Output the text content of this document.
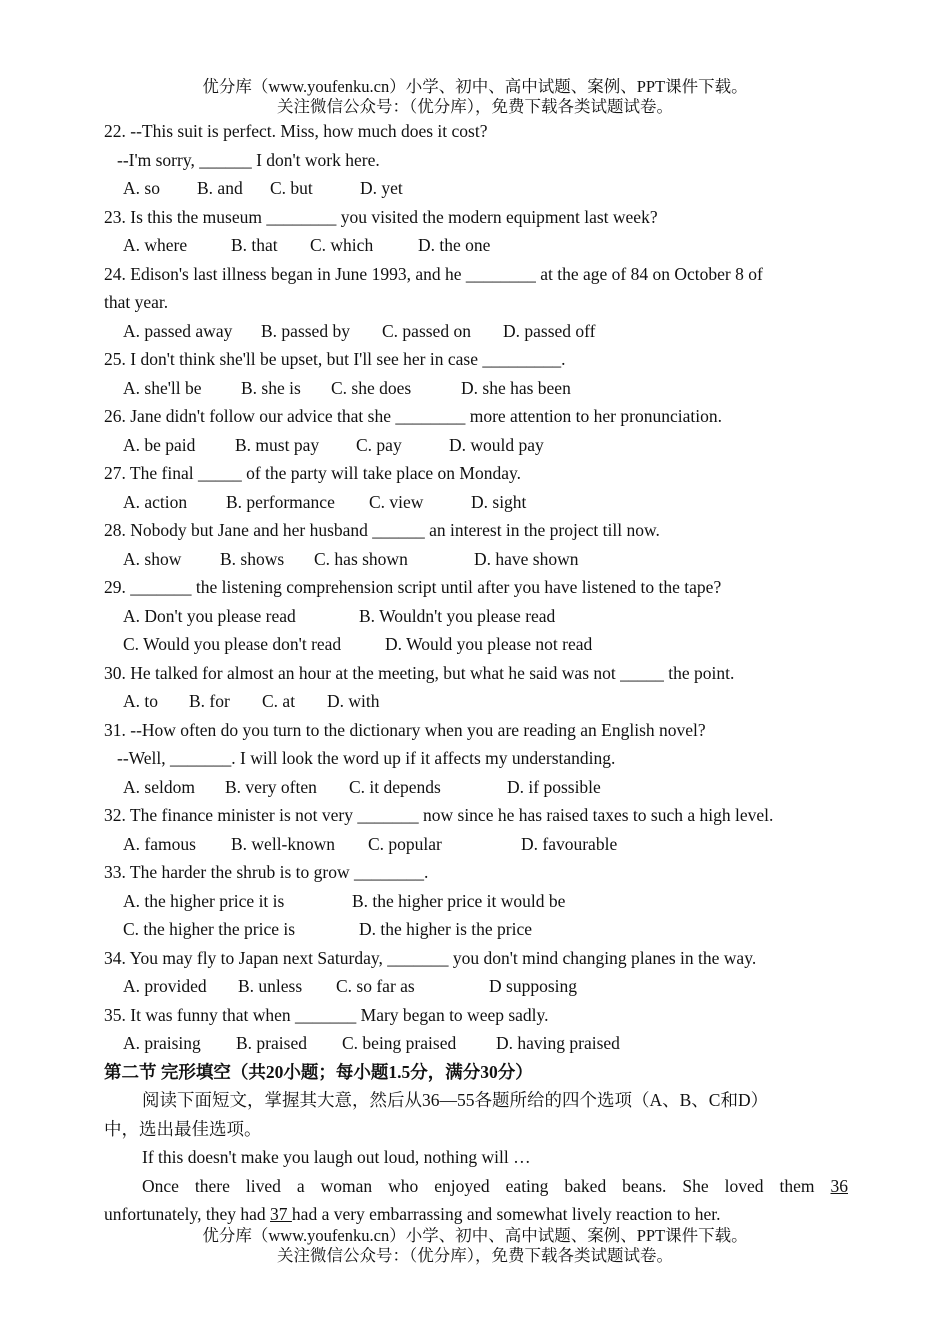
优分库（www.youfenku.cn）小学、初中、高中试题、案例、PPT课件下载。
关注微信公众号：（优分库），免费下载各类试题试卷。
22. --This suit is perfect. Miss, how much does it cost?
--I'm sorry, ______ I don't work here.
A. so B. and C. but	D. yet
23. Is this the museum ________ you visited the modern equipment last week?
A. where	B. that C. which	D. the one
24. Edison's last illness began in June 1993, and he ________ at the age of 84 on October 8 of
that year.
A. passed away B. passed by C. passed on D. passed off
25. I don't think she'll be upset, but I'll see her in case _________.
A. she'll be B. she is C. she does	D. she has been
26. Jane didn't follow our advice that she ________ more attention to her pronunciation.
A. be paid B. must pay C. pay	D. would pay
27. The final _____ of the party will take place on Monday.
A. action B. performance C. view	D. sight
28. Nobody but Jane and her husband ______ an interest in the project till now.
A. show B. shows C. has shown	D. have shown
29. _______ the listening comprehension script until after you have listened to the tape?
A. Don't you please read	B. Wouldn't you please read
C. Would you please don't read	D. Would you please not read
30. He talked for almost an hour at the meeting, but what he said was not _____ the point.
A. to B. for C. at D. with
31. --How often do you turn to the dictionary when you are reading an English novel?
--Well, _______. I will look the word up if it affects my understanding.
A. seldom B. very often C. it depends	D. if possible
32. The finance minister is not very _______ now since he has raised taxes to such a high level.
A. famous B. well-known C. popular	D. favourable
33. The harder the shrub is to grow ________.
A. the higher price it is	B. the higher price it would be
C. the higher the price is	D. the higher is the price
34. You may fly to Japan next Saturday, _______ you don't mind changing planes in the way.
A. provided B. unless C. so far as	D supposing
35. It was funny that when _______ Mary began to weep sadly.
A. praising B. praised C. being praised D. having praised
第二节 完形填空（共20小题；每小题1.5分，满分30分）
阅读下面短文，掌握其大意，然后从36—55各题所给的四个选项（A、B、C和D）
中，选出最佳选项。
If this doesn't make you laugh out loud, nothing will …
Once there lived a woman who enjoyed eating baked beans. She loved them 36
unfortunately, they had 37 had a very embarrassing and somewhat lively reaction to her.
优分库（www.youfenku.cn）小学、初中、高中试题、案例、PPT课件下载。
关注微信公众号：（优分库），免费下载各类试题试卷。
